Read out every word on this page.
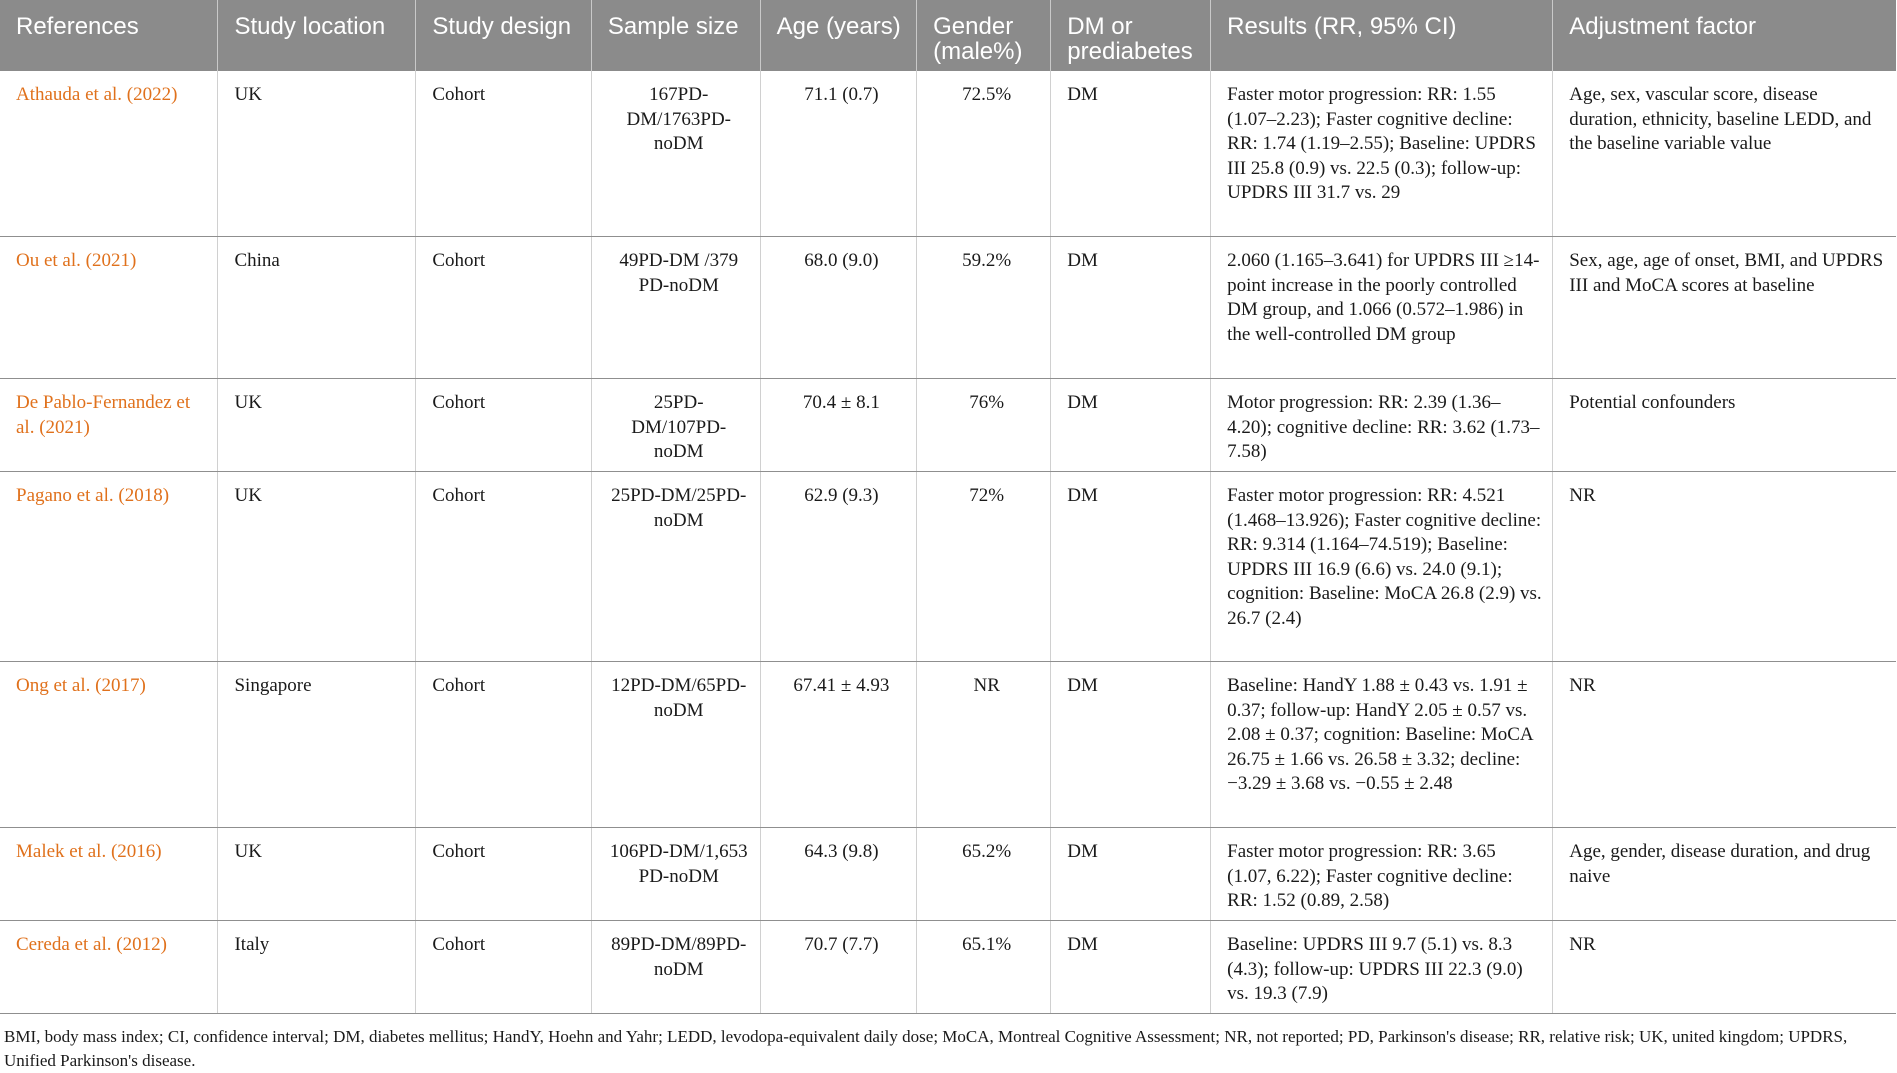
References	Study location	Study design	Sample size	Age (years)	Gender (male%)	DM or prediabetes	Results (RR, 95% CI)	Adjustment factor
Athauda et al. (2022)	UK	Cohort	167PD-DM/1763PD-noDM	71.1 (0.7)	72.5%	DM	Faster motor progression: RR: 1.55 (1.07–2.23); Faster cognitive decline: RR: 1.74 (1.19–2.55); Baseline: UPDRS III 25.8 (0.9) vs. 22.5 (0.3); follow-up: UPDRS III 31.7 vs. 29	Age, sex, vascular score, disease duration, ethnicity, baseline LEDD, and the baseline variable value
Ou et al. (2021)	China	Cohort	49PD-DM /379 PD-noDM	68.0 (9.0)	59.2%	DM	2.060 (1.165–3.641) for UPDRS III ≥14-point increase in the poorly controlled DM group, and 1.066 (0.572–1.986) in the well-controlled DM group	Sex, age, age of onset, BMI, and UPDRS III and MoCA scores at baseline
De Pablo-Fernandez et al. (2021)	UK	Cohort	25PD-DM/107PD-noDM	70.4 ± 8.1	76%	DM	Motor progression: RR: 2.39 (1.36–4.20); cognitive decline: RR: 3.62 (1.73–7.58)	Potential confounders
Pagano et al. (2018)	UK	Cohort	25PD-DM/25PD-noDM	62.9 (9.3)	72%	DM	Faster motor progression: RR: 4.521 (1.468–13.926); Faster cognitive decline: RR: 9.314 (1.164–74.519); Baseline: UPDRS III 16.9 (6.6) vs. 24.0 (9.1); cognition: Baseline: MoCA 26.8 (2.9) vs. 26.7 (2.4)	NR
Ong et al. (2017)	Singapore	Cohort	12PD-DM/65PD-noDM	67.41 ± 4.93	NR	DM	Baseline: HandY 1.88 ± 0.43 vs. 1.91 ± 0.37; follow-up: HandY 2.05 ± 0.57 vs. 2.08 ± 0.37; cognition: Baseline: MoCA 26.75 ± 1.66 vs. 26.58 ± 3.32; decline: −3.29 ± 3.68 vs. −0.55 ± 2.48	NR
Malek et al. (2016)	UK	Cohort	106PD-DM/1,653 PD-noDM	64.3 (9.8)	65.2%	DM	Faster motor progression: RR: 3.65 (1.07, 6.22); Faster cognitive decline: RR: 1.52 (0.89, 2.58)	Age, gender, disease duration, and drug naive
Cereda et al. (2012)	Italy	Cohort	89PD-DM/89PD-noDM	70.7 (7.7)	65.1%	DM	Baseline: UPDRS III 9.7 (5.1) vs. 8.3 (4.3); follow-up: UPDRS III 22.3 (9.0) vs. 19.3 (7.9)	NR
BMI, body mass index; CI, confidence interval; DM, diabetes mellitus; HandY, Hoehn and Yahr; LEDD, levodopa-equivalent daily dose; MoCA, Montreal Cognitive Assessment; NR, not reported; PD, Parkinson's disease; RR, relative risk; UK, united kingdom; UPDRS, Unified Parkinson's disease.
